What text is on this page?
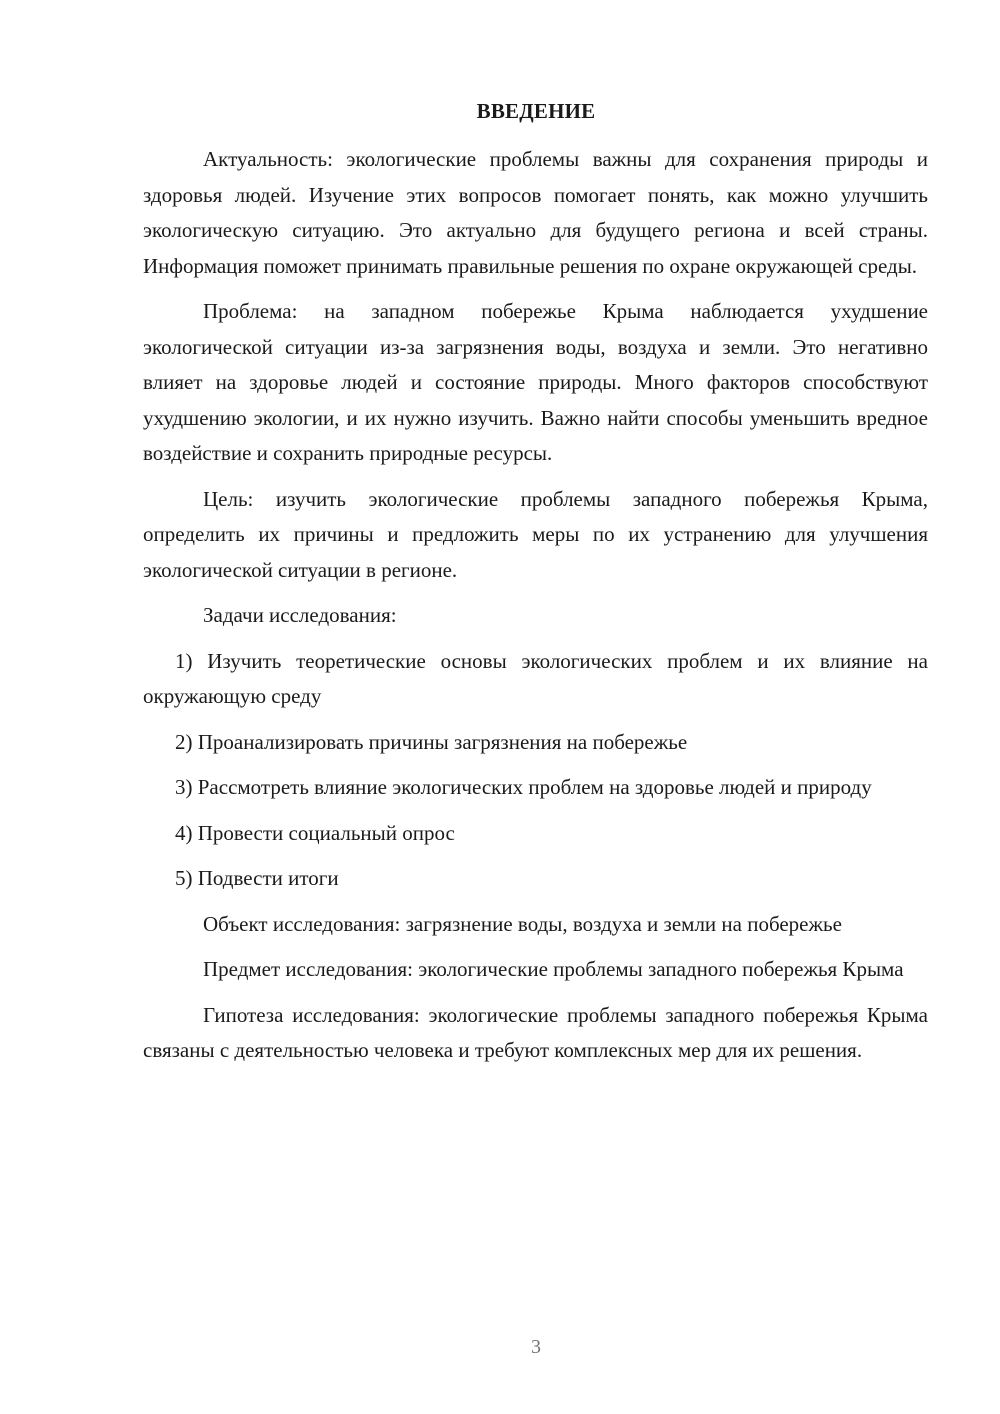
ВВЕДЕНИЕ

Актуальность: экологические проблемы важны для сохранения природы и здоровья людей. Изучение этих вопросов помогает понять, как можно улучшить экологическую ситуацию. Это актуально для будущего региона и всей страны. Информация поможет принимать правильные решения по охране окружающей среды.

Проблема: на западном побережье Крыма наблюдается ухудшение экологической ситуации из-за загрязнения воды, воздуха и земли. Это негативно влияет на здоровье людей и состояние природы. Много факторов способствуют ухудшению экологии, и их нужно изучить. Важно найти способы уменьшить вредное воздействие и сохранить природные ресурсы.

Цель: изучить экологические проблемы западного побережья Крыма, определить их причины и предложить меры по их устранению для улучшения экологической ситуации в регионе.

Задачи исследования:

1) Изучить теоретические основы экологических проблем и их влияние на окружающую среду

2) Проанализировать причины загрязнения на побережье

3) Рассмотреть влияние экологических проблем на здоровье людей и природу

4) Провести социальный опрос

5) Подвести итоги

Объект исследования: загрязнение воды, воздуха и земли на побережье

Предмет исследования: экологические проблемы западного побережья Крыма

Гипотеза исследования: экологические проблемы западного побережья Крыма связаны с деятельностью человека и требуют комплексных мер для их решения.

3
